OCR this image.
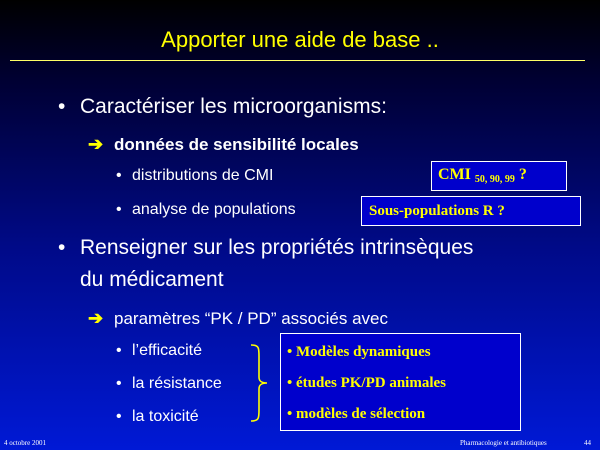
Apporter une aide de base ..
• Caractériser les microorganisms:
➔ données de sensibilité locales
• distributions de CMI
• analyse de populations
CMI $_{50, 90, 99}$ ?
Sous-populations R ?
• Renseigner sur les propriétés intrinsèques
du médicament
➔ paramètres “PK / PD” associés avec
• l’efficacité
• la résistance
• la toxicité
• Modèles dynamiques
• études PK/PD animales
• modèles de sélection
4 octobre 2001	Pharmacologie et antibiotiques	44
